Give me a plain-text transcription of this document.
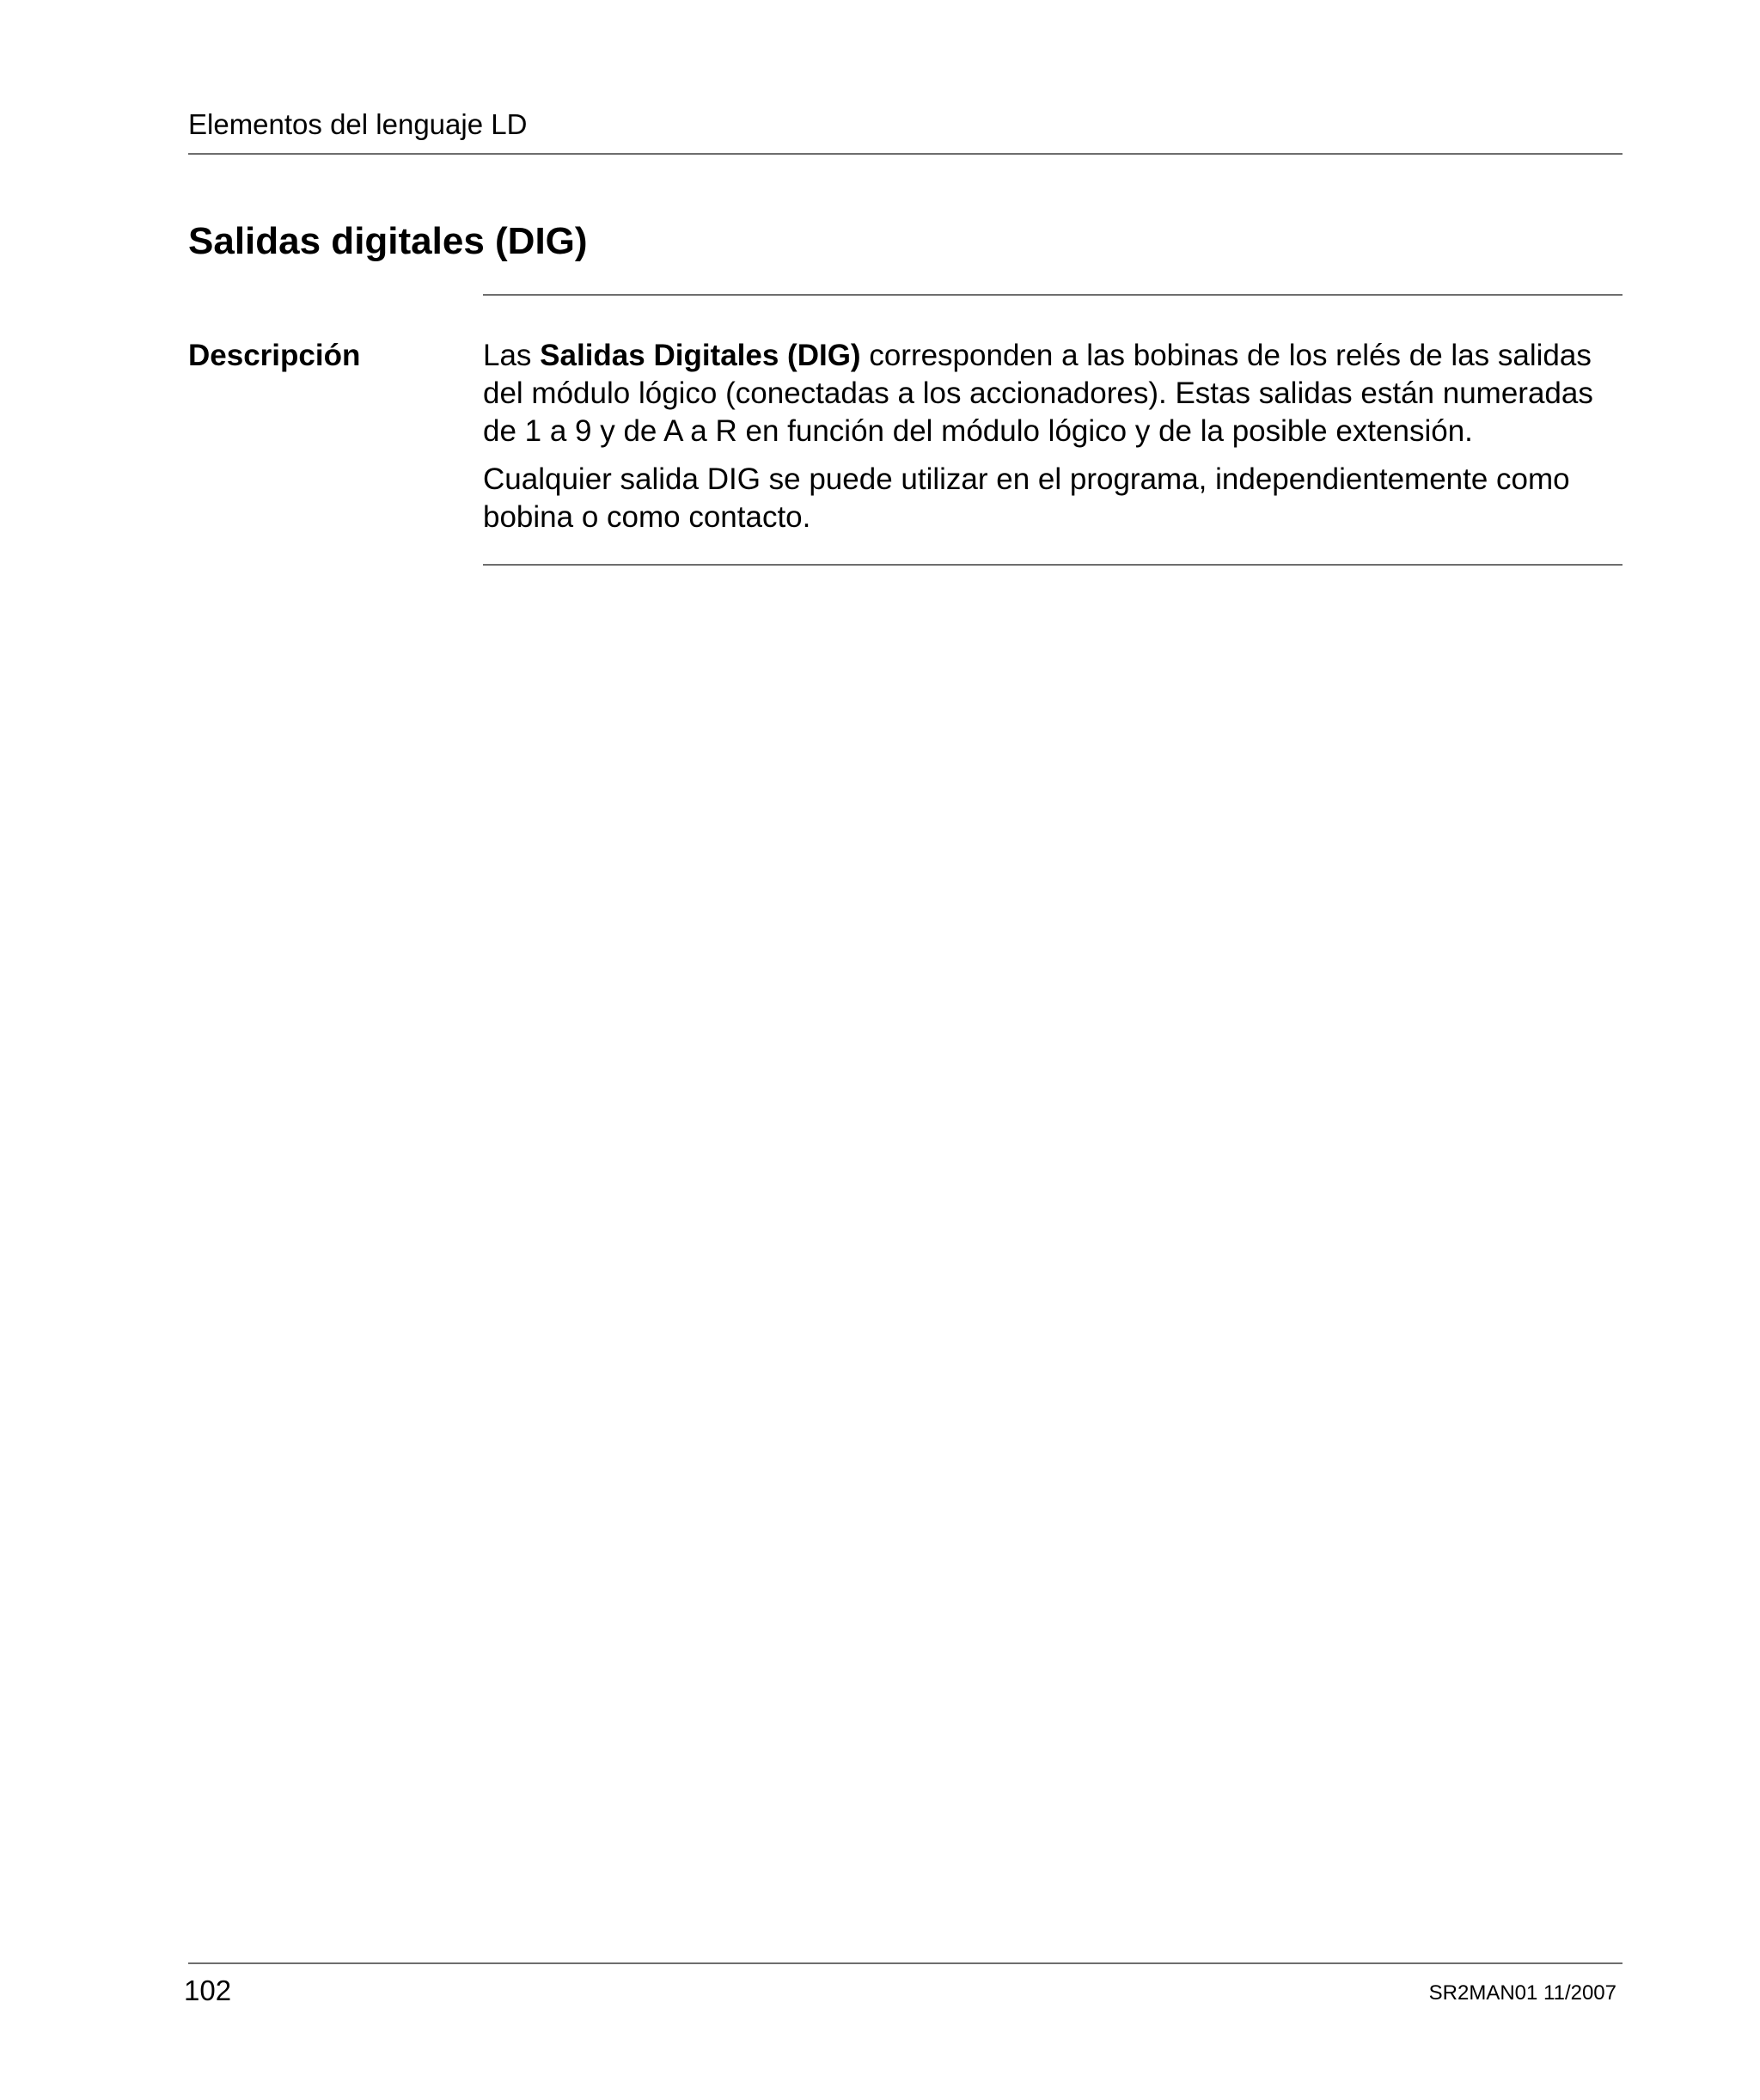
Elementos del lenguaje LD
Salidas digitales (DIG)
Descripción	Las Salidas Digitales (DIG) corresponden a las bobinas de los relés de las salidas
del módulo lógico (conectadas a los accionadores). Estas salidas están numeradas
de 1 a 9 y de A a R en función del módulo lógico y de la posible extensión.

Cualquier salida DIG se puede utilizar en el programa, independientemente como
bobina o como contacto.

102	SR2MAN01 11/2007
